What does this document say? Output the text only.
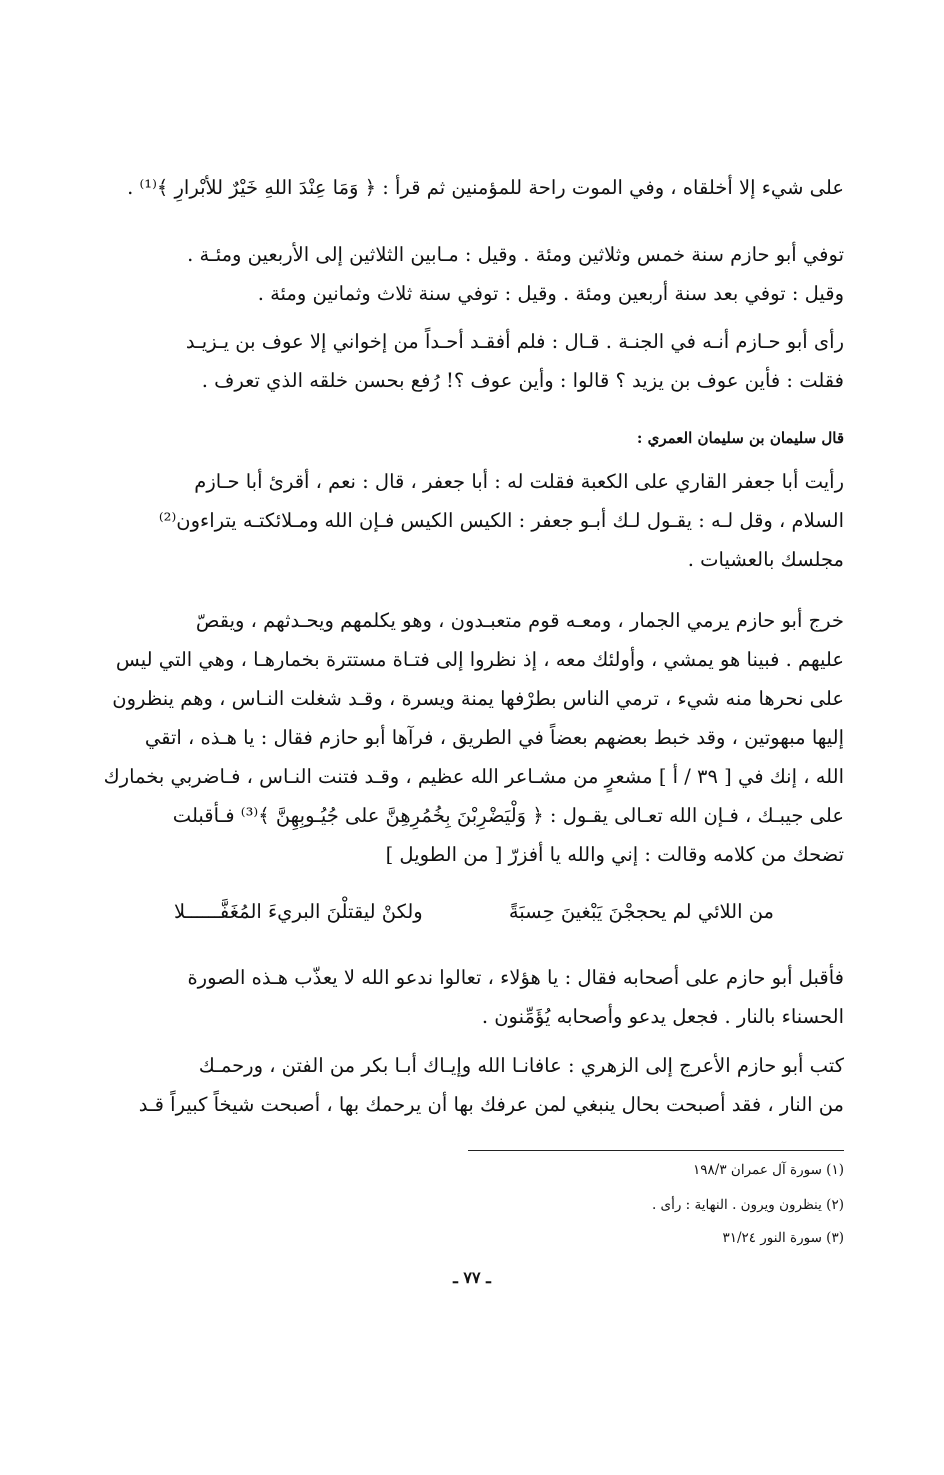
على شيء إلا أخلقاه ، وفي الموت راحة للمؤمنين ثم قرأ : ﴿ وَمَا عِنْدَ اللهِ خَيْرٌ للأبْرارِ ﴾⁽¹⁾ .
توفي أبو حازم سنة خمس وثلاثين ومئة . وقيل : مـابين الثلاثين إلى الأربعين ومئـة .
وقيل : توفي بعد سنة أربعين ومئة . وقيل : توفي سنة ثلاث وثمانين ومئة .
رأى أبو حـازم أنـه في الجنـة . قـال : فلم أفقـد أحـداً من إخواني إلا عوف بن يـزيـد
فقلت : فأين عوف بن يزيد ؟ قالوا : وأين عوف ؟! رُفع بحسن خلقه الذي تعرف .
قال سليمان بن سليمان العمري :
رأيت أبا جعفر القاري على الكعبة فقلت له : أبا جعفر ، قال : نعم ، أقرئ أبا حـازم
السلام ، وقل لـه : يقـول لـك أبـو جعفر : الكيس الكيس فـإن الله ومـلائكتـه يتراءون⁽²⁾
مجلسك بالعشيات .
خرج أبو حازم يرمي الجمار ، ومعـه قوم متعبـدون ، وهو يكلمهم ويحـدثهم ، ويقصّ
عليهم . فبينا هو يمشي ، وأولئك معه ، إذ نظروا إلى فتـاة مستترة بخمارهـا ، وهي التي ليس
على نحرها منه شيء ، ترمي الناس بطرْفها يمنة ويسرة ، وقـد شغلت النـاس ، وهم ينظرون
إليها مبهوتين ، وقد خبط بعضهم بعضاً في الطريق ، فرآها أبو حازم فقال : يا هـذه ، اتقي
الله ، إنك في [ ٣٩ / أ ] مشعرٍ من مشـاعر الله عظيم ، وقـد فتنت النـاس ، فـاضربي بخمارك
على جيبـك ، فـإن الله تعـالى يقـول : ﴿ وَلْيَضْرِبْنَ بِخُمُرِهِنَّ على جُيُـوبِهِنَّ ﴾⁽³⁾ فـأقبلت
تضحك من كلامه وقالت : إني والله يا أفزرّ [ من الطويل ]
من اللائي لم يحججْنَ يَبْغينَ حِسبَةً
ولكنْ ليقتلْنَ البريءَ المُغَفَّــــــلا
فأقبل أبو حازم على أصحابه فقال : يا هؤلاء ، تعالوا ندعو الله لا يعذّب هـذه الصورة
الحسناء بالنار . فجعل يدعو وأصحابه يُؤَمِّنون .
كتب أبو حازم الأعرج إلى الزهري : عافانـا الله وإيـاك أبـا بكر من الفتن ، ورحمـك
من النار ، فقد أصبحت بحال ينبغي لمن عرفك بها أن يرحمك بها ، أصبحت شيخاً كبيراً قـد
(١) سورة آل عمران ١٩٨/٣
(٢) ينظرون ويرون . النهاية : رأى .
(٣) سورة النور ٣١/٢٤
ـ ٧٧ ـ
